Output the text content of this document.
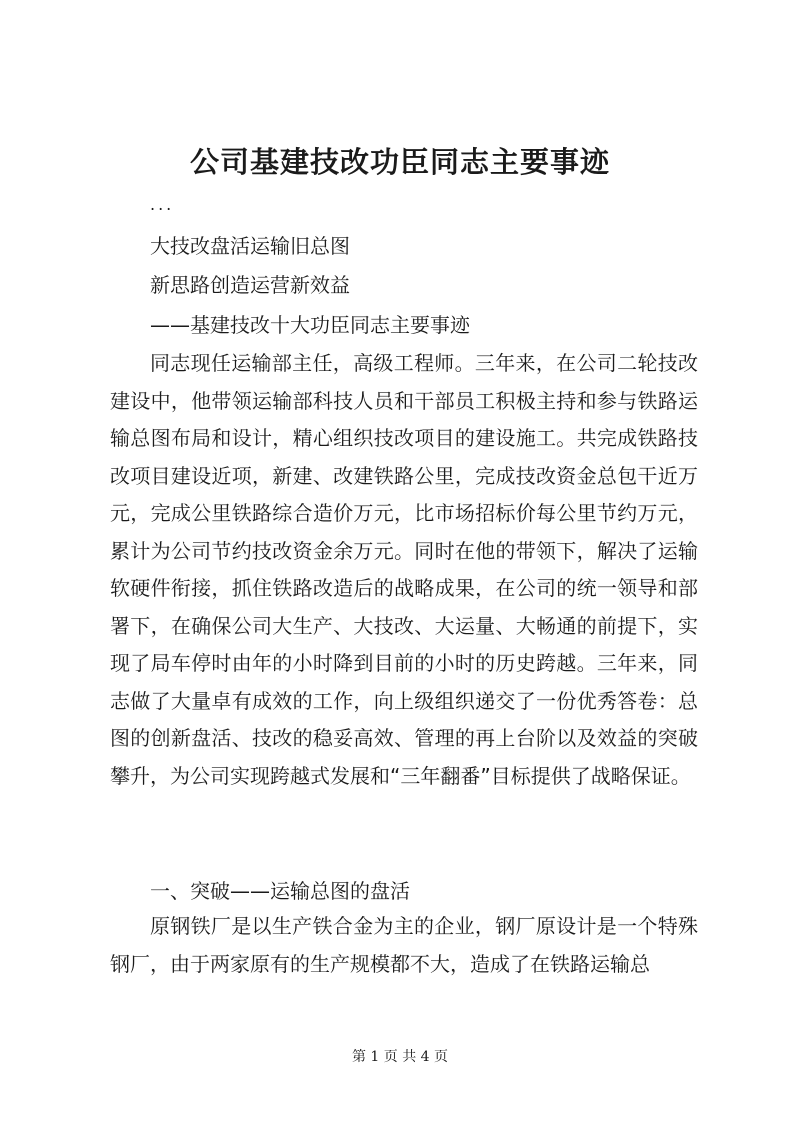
公司基建技改功臣同志主要事迹
...
大技改盘活运输旧总图
新思路创造运营新效益
——基建技改十大功臣同志主要事迹
同志现任运输部主任，高级工程师。三年来，在公司二轮技改建设中，他带领运输部科技人员和干部员工积极主持和参与铁路运输总图布局和设计，精心组织技改项目的建设施工。共完成铁路技改项目建设近项，新建、改建铁路公里，完成技改资金总包干近万元，完成公里铁路综合造价万元，比市场招标价每公里节约万元，累计为公司节约技改资金余万元。同时在他的带领下，解决了运输软硬件衔接，抓住铁路改造后的战略成果，在公司的统一领导和部署下，在确保公司大生产、大技改、大运量、大畅通的前提下，实现了局车停时由年的小时降到目前的小时的历史跨越。三年来，同志做了大量卓有成效的工作，向上级组织递交了一份优秀答卷：总图的创新盘活、技改的稳妥高效、管理的再上台阶以及效益的突破攀升，为公司实现跨越式发展和“三年翻番”目标提供了战略保证。
一、突破——运输总图的盘活
原钢铁厂是以生产铁合金为主的企业，钢厂原设计是一个特殊钢厂，由于两家原有的生产规模都不大，造成了在铁路运输总
第 1 页 共 4 页
